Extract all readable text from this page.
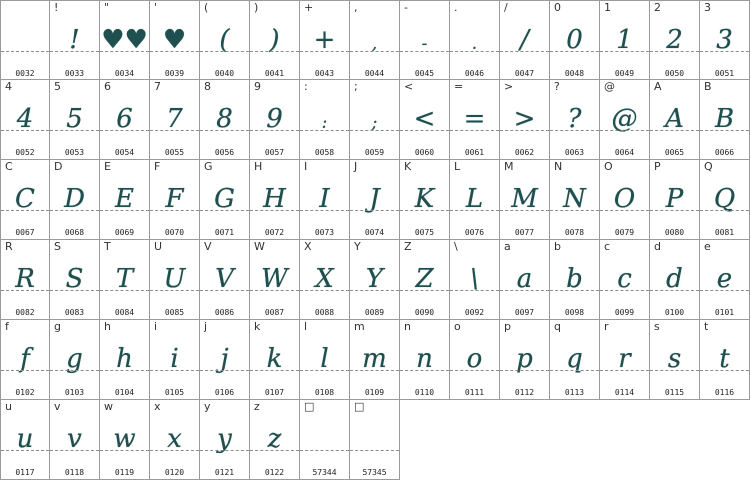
0032
!
!
0033
"
♥♥
0034
'
♥
0039
(
(
0040
)
)
0041
+
+
0043
,
,
0044
-
-
0045
.
.
0046
/
/
0047
0
0
0048
1
1
0049
2
2
0050
3
3
0051
4
4
0052
5
5
0053
6
6
0054
7
7
0055
8
8
0056
9
9
0057
:
:
0058
;
;
0059
<
<
0060
=
=
0061
>
>
0062
?
?
0063
@
@
0064
A
A
0065
B
B
0066
C
C
0067
D
D
0068
E
E
0069
F
F
0070
G
G
0071
H
H
0072
I
I
0073
J
J
0074
K
K
0075
L
L
0076
M
M
0077
N
N
0078
O
O
0079
P
P
0080
Q
Q
0081
R
R
0082
S
S
0083
T
T
0084
U
U
0085
V
V
0086
W
W
0087
X
X
0088
Y
Y
0089
Z
Z
0090
\
\
0092
a
a
0097
b
b
0098
c
c
0099
d
d
0100
e
e
0101
f
f
0102
g
g
0103
h
h
0104
i
i
0105
j
j
0106
k
k
0107
l
l
0108
m
m
0109
n
n
0110
o
o
0111
p
p
0112
q
q
0113
r
r
0114
s
s
0115
t
t
0116
u
u
0117
v
v
0118
w
w
0119
x
x
0120
y
y
0121
z
z
0122
□
57344
□
57345
